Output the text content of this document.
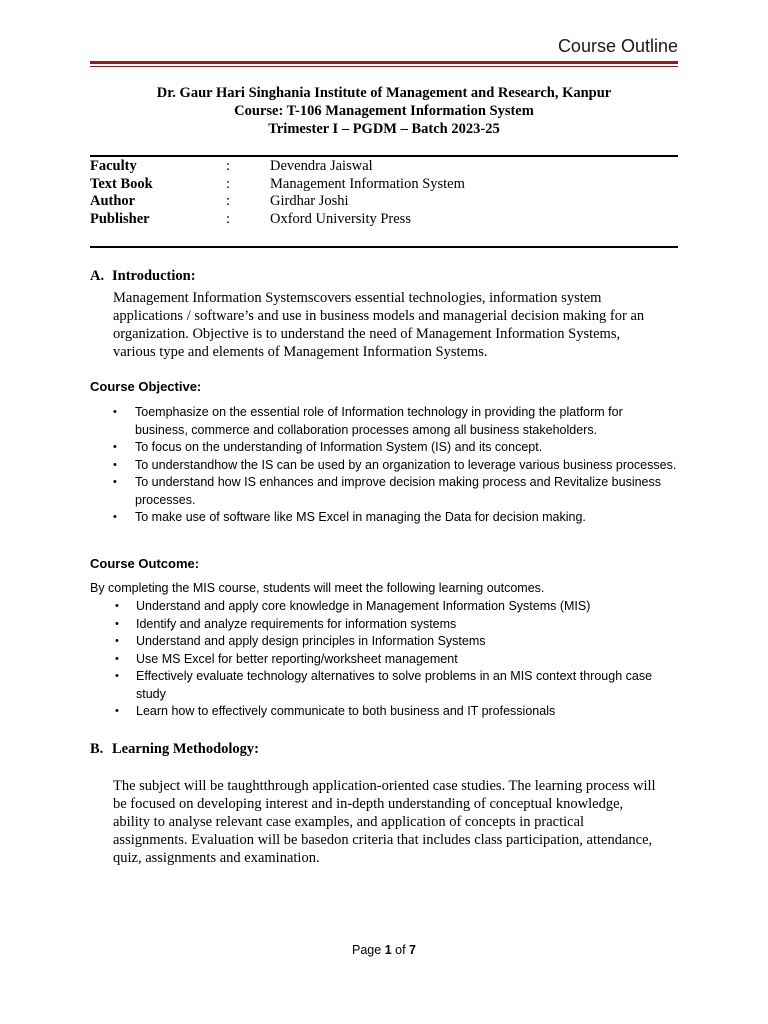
Course Outline
Dr. Gaur Hari Singhania Institute of Management and Research, Kanpur
Course: T-106 Management Information System
Trimester I – PGDM – Batch 2023-25
Faculty	:	Devendra Jaiswal
Text Book	:	Management Information System
Author	:	Girdhar Joshi
Publisher	:	Oxford University Press
A. Introduction:
Management Information Systemscovers essential technologies, information system
applications / software’s and use in business models and managerial decision making for an
organization. Objective is to understand the need of Management Information Systems,
various type and elements of Management Information Systems.
Course Objective:
• Toemphasize on the essential role of Information technology in providing the platform for
business, commerce and collaboration processes among all business stakeholders.
• To focus on the understanding of Information System (IS) and its concept.
• To understandhow the IS can be used by an organization to leverage various business processes.
• To understand how IS enhances and improve decision making process and Revitalize business
processes.
• To make use of software like MS Excel in managing the Data for decision making.
Course Outcome:
By completing the MIS course, students will meet the following learning outcomes.
• Understand and apply core knowledge in Management Information Systems (MIS)
• Identify and analyze requirements for information systems
• Understand and apply design principles in Information Systems
• Use MS Excel for better reporting/worksheet management
• Effectively evaluate technology alternatives to solve problems in an MIS context through case
study
• Learn how to effectively communicate to both business and IT professionals
B. Learning Methodology:
The subject will be taughtthrough application-oriented case studies. The learning process will
be focused on developing interest and in-depth understanding of conceptual knowledge,
ability to analyse relevant case examples, and application of concepts in practical
assignments. Evaluation will be basedon criteria that includes class participation, attendance,
quiz, assignments and examination.
Page 1 of 7
